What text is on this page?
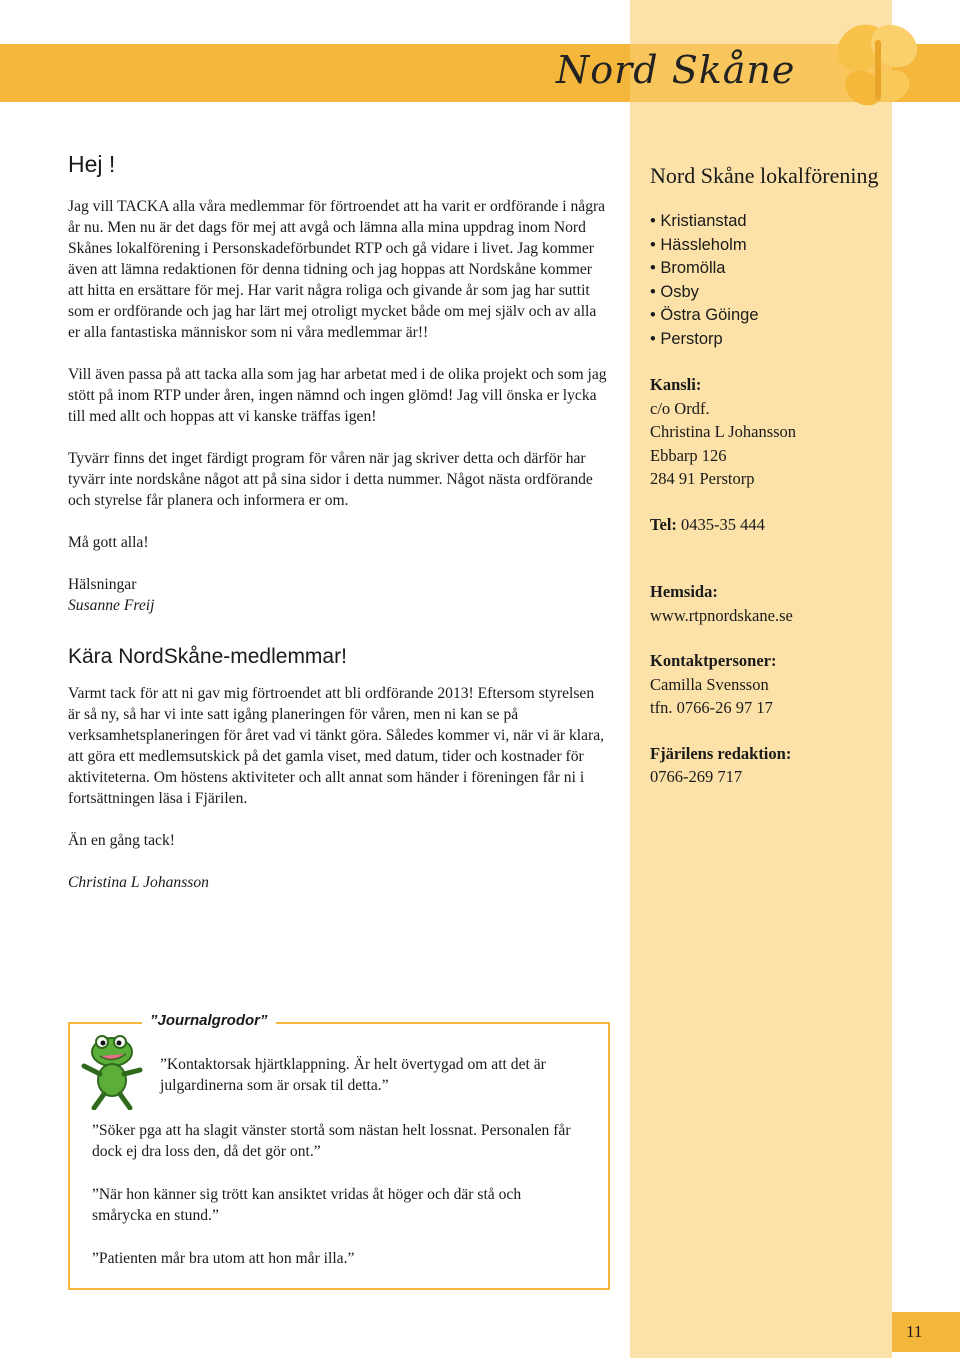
Nord Skåne
Hej !

Jag vill TACKA alla våra medlemmar för förtroendet att ha varit er ordförande i några år nu. Men nu är det dags för mej att avgå och lämna alla mina uppdrag inom Nord Skånes lokalförening i Personskadeförbundet RTP och gå vidare i livet. Jag kommer även att lämna redaktionen för denna tidning och jag hoppas att Nordskåne kommer att hitta en ersättare för mej. Har varit några roliga och givande år som jag har suttit som er ordförande och jag har lärt mej otroligt mycket både om mej själv och av alla er alla fantastiska människor som ni våra medlemmar är!!

Vill även passa på att tacka alla som jag har arbetat med i de olika projekt och som jag stött på inom RTP under åren, ingen nämnd och ingen glömd! Jag vill önska er lycka till med allt och hoppas att vi kanske träffas igen!

Tyvärr finns det inget färdigt program för våren när jag skriver detta och därför har tyvärr inte nordskåne något att på sina sidor i detta nummer. Något nästa ordförande och styrelse får planera och informera er om.

Må gott alla!

Hälsningar

Susanne Freij

Kära NordSkåne-medlemmar!

Varmt tack för att ni gav mig förtroendet att bli ordförande 2013! Eftersom styrelsen är så ny, så har vi inte satt igång planeringen för våren, men ni kan se på verksamhetsplaneringen för året vad vi tänkt göra. Således kommer vi, när vi är klara, att göra ett medlemsutskick på det gamla viset, med datum, tider och kostnader för aktiviteterna. Om höstens aktiviteter och allt annat som händer i föreningen får ni i fortsättningen läsa i Fjärilen.

Än en gång tack!

Christina L Johansson

Nord Skåne lokalförening
• Kristianstad
• Hässleholm
• Bromölla
• Osby
• Östra Göinge
• Perstorp
Kansli:
c/o Ordf.
Christina L Johansson
Ebbarp 126
284 91 Perstorp
Tel: 0435-35 444
Hemsida:
www.rtpnordskane.se
Kontaktpersoner:
Camilla Svensson
tfn. 0766-26 97 17
Fjärilens redaktion:
0766-269 717
”Journalgrodor”
”Kontaktorsak hjärtklappning. Är helt övertygad om att det är julgardinerna som är orsak til detta.”
”Söker pga att ha slagit vänster stortå som nästan helt lossnat. Personalen får dock ej dra loss den, då det gör ont.”
”När hon känner sig trött kan ansiktet vridas åt höger och där stå och smårycka en stund.”
”Patienten mår bra utom att hon mår illa.”
11
